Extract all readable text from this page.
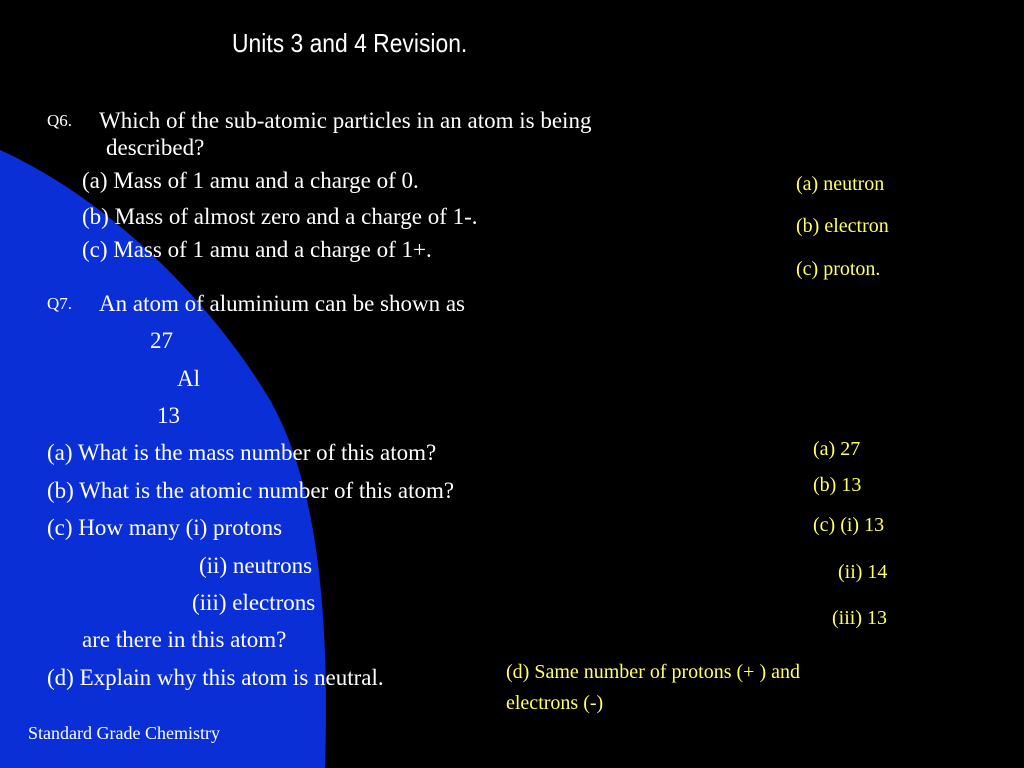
Units 3 and 4 Revision.
Q6. Which of the sub-atomic particles in an atom is being
described?
(a) Mass of 1 amu and a charge of 0.
(b) Mass of almost zero and a charge of 1-.
(c) Mass of 1 amu and a charge of 1+.
(a) neutron
(b) electron
(c) proton.
Q7. An atom of aluminium can be shown as
27
Al
13
(a) What is the mass number of this atom?
(b) What is the atomic number of this atom?
(c) How many (i) protons
(ii) neutrons
(iii) electrons
are there in this atom?
(d) Explain why this atom is neutral.
(a) 27
(b) 13
(c) (i) 13
(ii) 14
(iii) 13
(d) Same number of protons (+ ) and
electrons (-)
Standard Grade Chemistry
